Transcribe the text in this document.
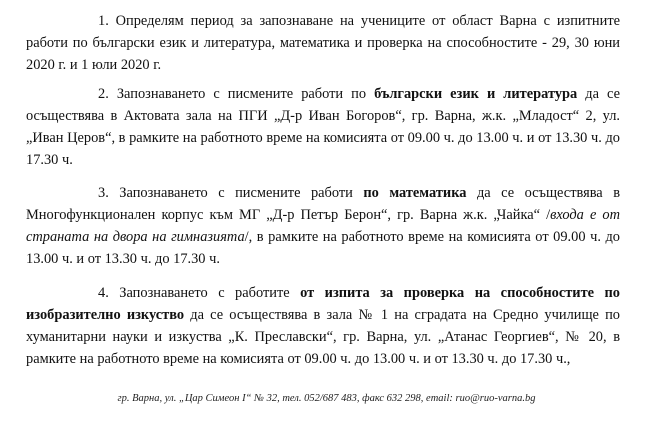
1. Определям период за запознаване на учениците от област Варна с изпитните работи по български език и литература, математика и проверка на способностите - 29, 30 юни 2020 г. и 1 юли 2020 г.

2. Запознаването с писмените работи по български език и литература да се осъществява в Актовата зала на ПГИ „Д-р Иван Богоров“, гр. Варна, ж.к. „Младост“ 2, ул. „Иван Церов“, в рамките на работното време на комисията от 09.00 ч. до 13.00 ч. и от 13.30 ч. до 17.30 ч.

3. Запознаването с писмените работи по математика да се осъществява в Многофункционален корпус към МГ „Д-р Петър Берон“, гр. Варна ж.к. „Чайка“ /входа е от страната на двора на гимназията/, в рамките на работното време на комисията от 09.00 ч. до 13.00 ч. и от 13.30 ч. до 17.30 ч.

4. Запознаването с работите от изпита за проверка на способностите по изобразително изкуство да се осъществява в зала № 1 на сградата на Средно училище по хуманитарни науки и изкуства „К. Преславски“, гр. Варна, ул. „Атанас Георгиев“, № 20, в рамките на работното време на комисията от 09.00 ч. до 13.00 ч. и от 13.30 ч. до 17.30 ч.,

гр. Варна, ул. „Цар Симеон I“ № 32, тел. 052/687 483, факс 632 298, email: ruo@ruo-varna.bg
